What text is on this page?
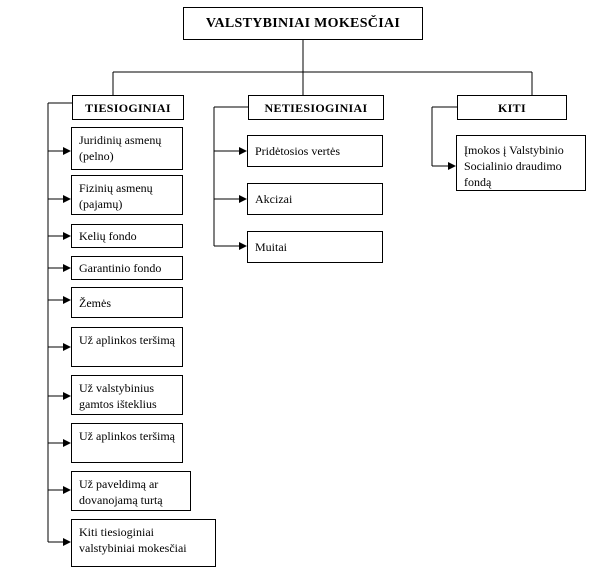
VALSTYBINIAI MOKESČIAI
TIESIOGINIAI	NETIESIOGINIAI	KITI
Juridinių asmenų (pelno)
Fizinių asmenų (pajamų)
Kelių fondo
Garantinio fondo
Žemės
Už aplinkos teršimą
Už valstybinius gamtos išteklius
Už aplinkos teršimą
Už paveldimą ar dovanojamą turtą
Kiti tiesioginiai valstybiniai mokesčiai
Pridėtosios vertės
Akcizai
Muitai
Įmokos į Valstybinio Socialinio draudimo fondą
